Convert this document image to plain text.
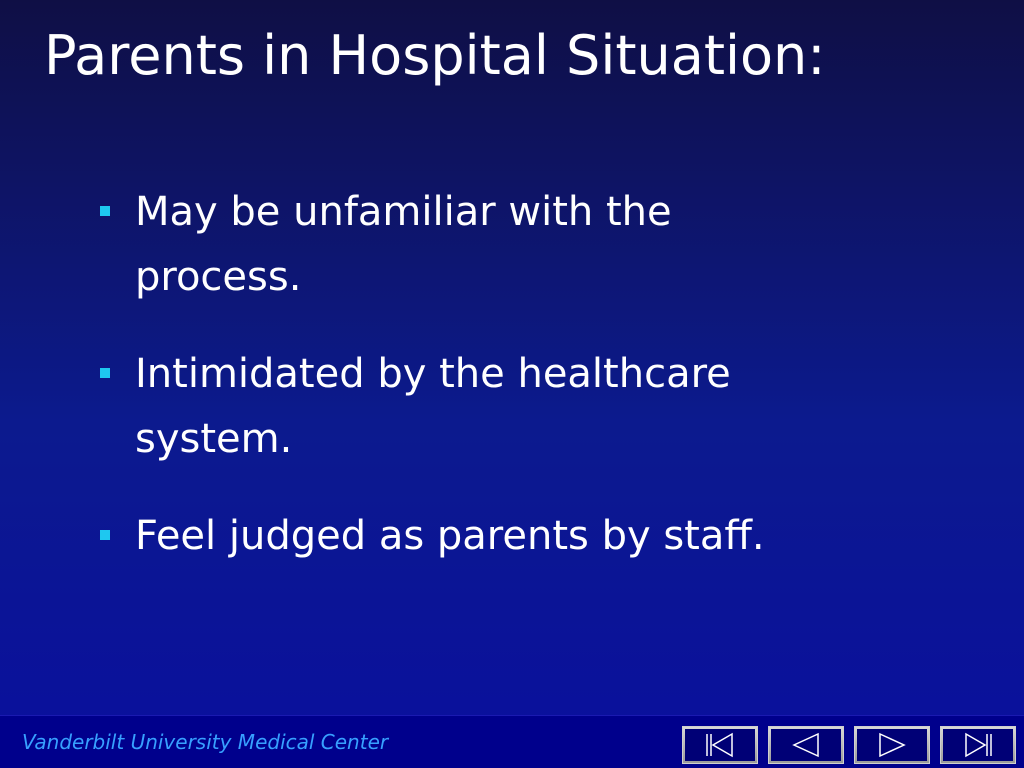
Parents in Hospital Situation:
May be unfamiliar with the
process.
Intimidated by the healthcare
system.
Feel judged as parents by staff.
Vanderbilt University Medical Center
